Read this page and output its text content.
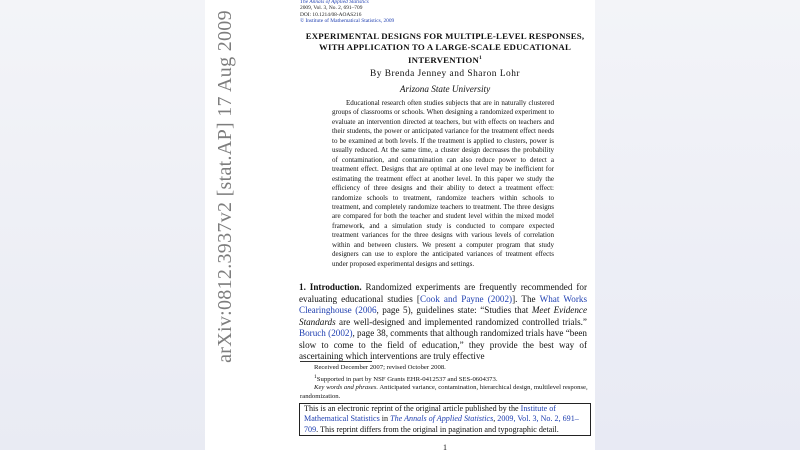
The Annals of Applied Statistics
2009, Vol. 3, No. 2, 691–709
DOI: 10.1214/08-AOAS216
© Institute of Mathematical Statistics, 2009
EXPERIMENTAL DESIGNS FOR MULTIPLE-LEVEL RESPONSES,
WITH APPLICATION TO A LARGE-SCALE EDUCATIONAL
INTERVENTION$^1$
By Brenda Jenney and Sharon Lohr
Arizona State University
Educational research often studies subjects that are in naturally clustered groups of classrooms or schools. When designing a randomized experiment to evaluate an intervention directed at teachers, but with effects on teachers and their students, the power or anticipated variance for the treatment effect needs to be examined at both levels. If the treatment is applied to clusters, power is usually reduced. At the same time, a cluster design decreases the probability of contamination, and contamination can also reduce power to detect a treatment effect. Designs that are optimal at one level may be inefficient for estimating the treatment effect at another level. In this paper we study the efficiency of three designs and their ability to detect a treatment effect: randomize schools to treatment, randomize teachers within schools to treatment, and completely randomize teachers to treatment. The three designs are compared for both the teacher and student level within the mixed model framework, and a simulation study is conducted to compare expected treatment variances for the three designs with various levels of correlation within and between clusters. We present a computer program that study designers can use to explore the anticipated variances of treatment effects under proposed experimental designs and settings.
1. Introduction. Randomized experiments are frequently recommended for evaluating educational studies [Cook and Payne (2002)]. The What Works Clearinghouse (2006, page 5), guidelines state: “Studies that Meet Evidence Standards are well-designed and implemented randomized controlled trials.” Boruch (2002), page 38, comments that although randomized trials have “been slow to come to the field of education,” they provide the best way of ascertaining which interventions are truly effective

Received December 2007; revised October 2008.

$^1$Supported in part by NSF Grants EHR-0412537 and SES-0604373.

Key words and phrases. Anticipated variance, contamination, hierarchical design, multilevel response, randomization.

This is an electronic reprint of the original article published by the Institute of Mathematical Statistics in The Annals of Applied Statistics, 2009, Vol. 3, No. 2, 691–709. This reprint differs from the original in pagination and typographic detail.
1
arXiv:0812.3937v2 [stat.AP] 17 Aug 2009
